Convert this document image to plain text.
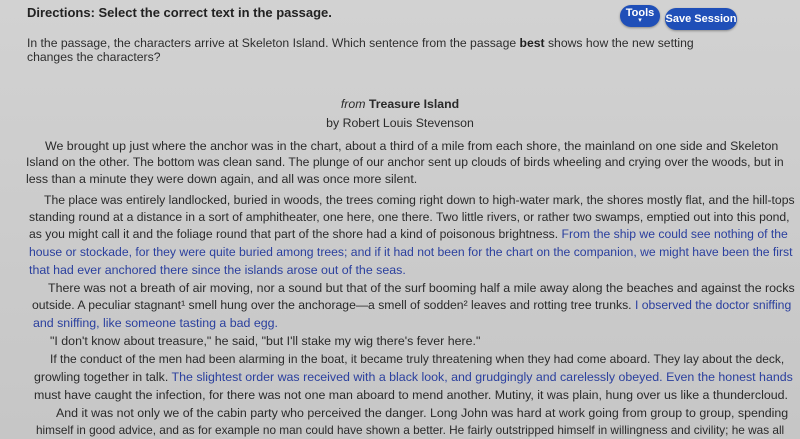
Directions: Select the correct text in the passage.	Tools
▾ Save Session
In the passage, the characters arrive at Skeleton Island. Which sentence from the passage best shows how the new setting changes the characters?
from Treasure Island
by Robert Louis Stevenson
We brought up just where the anchor was in the chart, about a third of a mile from each shore, the mainland on one side and Skeleton
Island on the other. The bottom was clean sand. The plunge of our anchor sent up clouds of birds wheeling and crying over the woods, but in
less than a minute they were down again, and all was once more silent.
The place was entirely landlocked, buried in woods, the trees coming right down to high-water mark, the shores mostly flat, and the hill-tops
standing round at a distance in a sort of amphitheater, one here, one there. Two little rivers, or rather two swamps, emptied out into this pond,
as you might call it and the foliage round that part of the shore had a kind of poisonous brightness. From the ship we could see nothing of the
house or stockade, for they were quite buried among trees; and if it had not been for the chart on the companion, we might have been the first
that had ever anchored there since the islands arose out of the seas.
There was not a breath of air moving, nor a sound but that of the surf booming half a mile away along the beaches and against the rocks
outside. A peculiar stagnant¹ smell hung over the anchorage—a smell of sodden² leaves and rotting tree trunks. I observed the doctor sniffing
and sniffing, like someone tasting a bad egg.
"I don't know about treasure," he said, "but I'll stake my wig there's fever here."
If the conduct of the men had been alarming in the boat, it became truly threatening when they had come aboard. They lay about the deck,
growling together in talk. The slightest order was received with a black look, and grudgingly and carelessly obeyed. Even the honest hands
must have caught the infection, for there was not one man aboard to mend another. Mutiny, it was plain, hung over us like a thundercloud.
And it was not only we of the cabin party who perceived the danger. Long John was hard at work going from group to group, spending
himself in good advice, and as for example no man could have shown a better. He fairly outstripped himself in willingness and civility; he was all
